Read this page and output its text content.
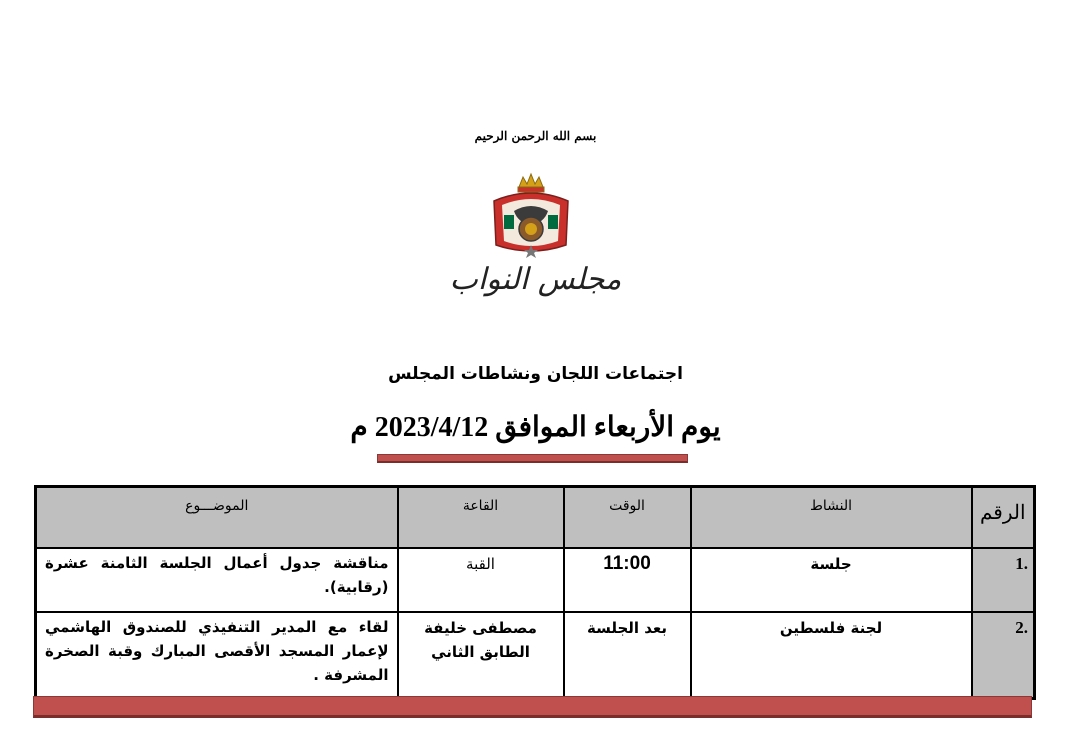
بسم الله الرحمن الرحيم
مجلس النواب
اجتماعات اللجان ونشاطات المجلس
يوم الأربعاء الموافق 2023/4/12 م
الرقم	النشاط	الوقت	القاعة	الموضـــوع
.1	جلسة	11:00	القبة	مناقشة جدول أعمال الجلسة الثامنة عشرة (رقابية).
.2	لجنة فلسطين	بعد الجلسة	مصطفى خليفة الطابق الثاني	لقاء مع المدير التنفيذي للصندوق الهاشمي لإعمار المسجد الأقصى المبارك وقبة الصخرة المشرفة .
